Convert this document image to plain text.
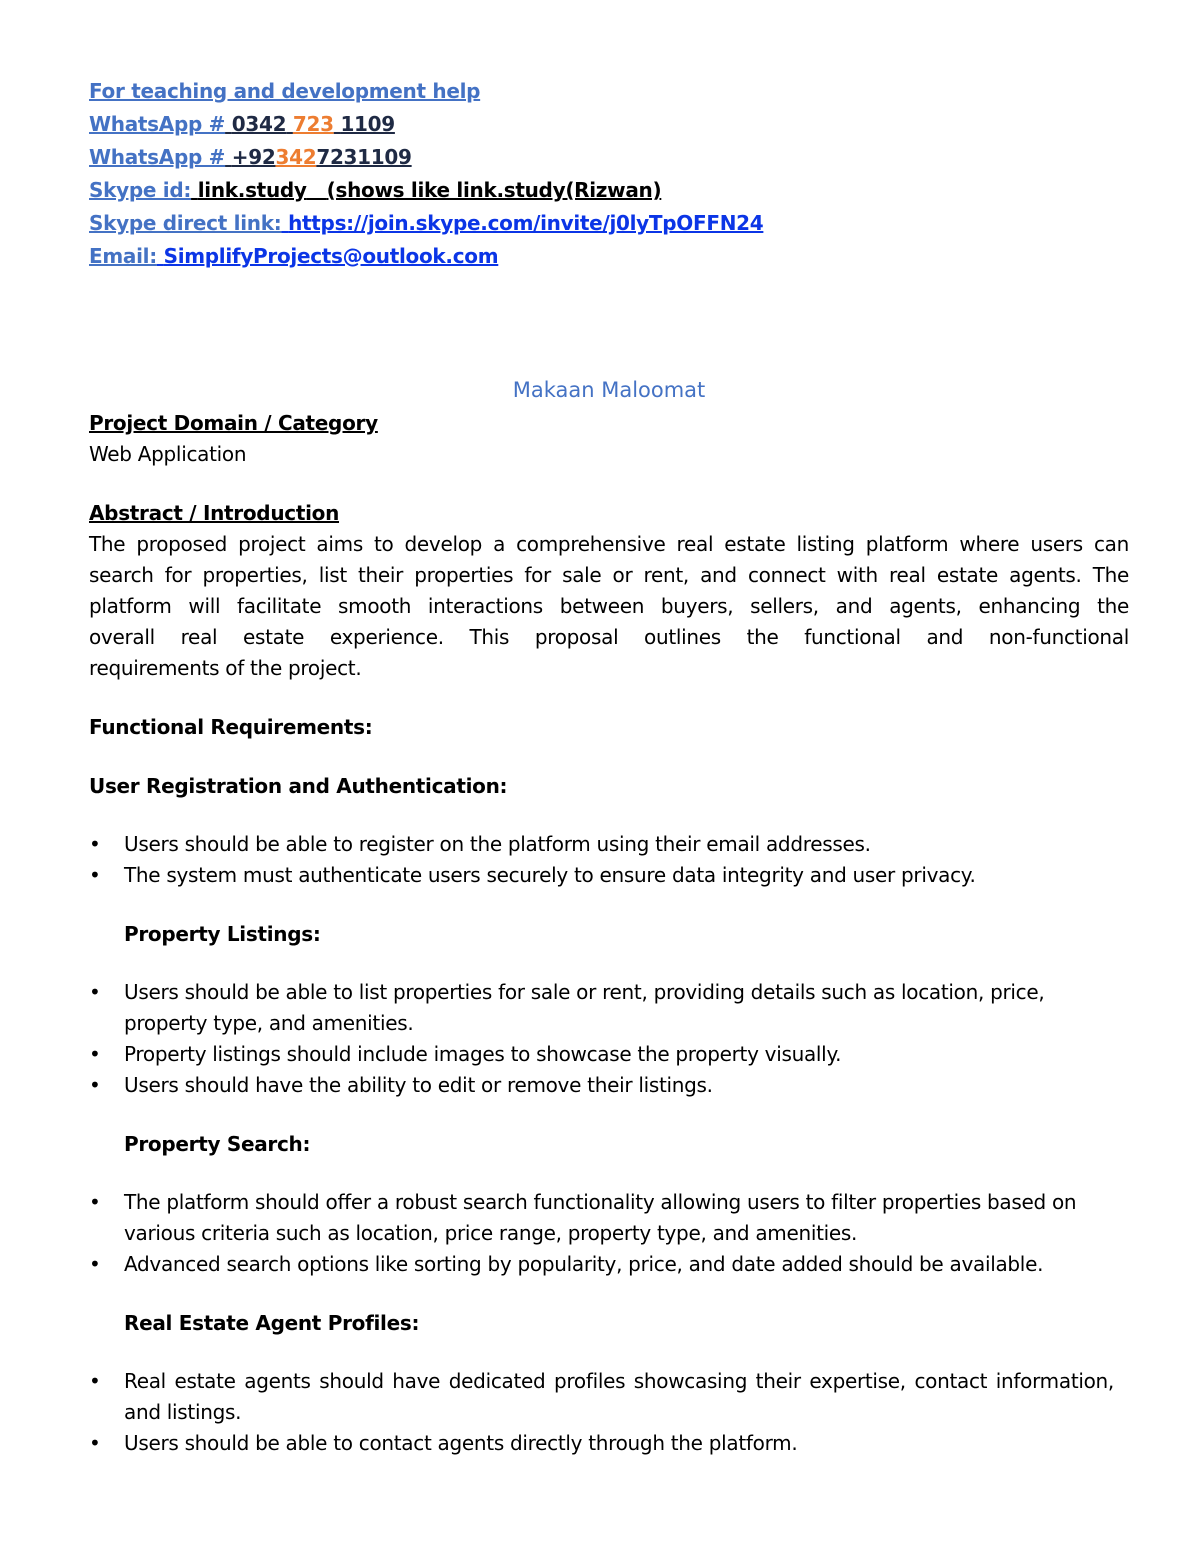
For teaching and development help
WhatsApp # 0342 723 1109
WhatsApp # +923427231109
Skype id: link.study (shows like link.study(Rizwan)
Skype direct link: https://join.skype.com/invite/j0lyTpOFFN24
Email: SimplifyProjects@outlook.com
Makaan Maloomat
Project Domain / Category
Web Application
Abstract / Introduction
The proposed project aims to develop a comprehensive real estate listing platform where users can
search for properties, list their properties for sale or rent, and connect with real estate agents. The
platform will facilitate smooth interactions between buyers, sellers, and agents, enhancing the
overall real estate experience. This proposal outlines the functional and non-functional
requirements of the project.
Functional Requirements:
User Registration and Authentication:
• Users should be able to register on the platform using their email addresses.
• The system must authenticate users securely to ensure data integrity and user privacy.
Property Listings:
• Users should be able to list properties for sale or rent, providing details such as location, price, property type, and amenities.
• Property listings should include images to showcase the property visually.
• Users should have the ability to edit or remove their listings.
Property Search:
• The platform should offer a robust search functionality allowing users to filter properties based on various criteria such as location, price range, property type, and amenities.
• Advanced search options like sorting by popularity, price, and date added should be available.
Real Estate Agent Profiles:
• Real estate agents should have dedicated profiles showcasing their expertise, contact information, and listings.
• Users should be able to contact agents directly through the platform.
